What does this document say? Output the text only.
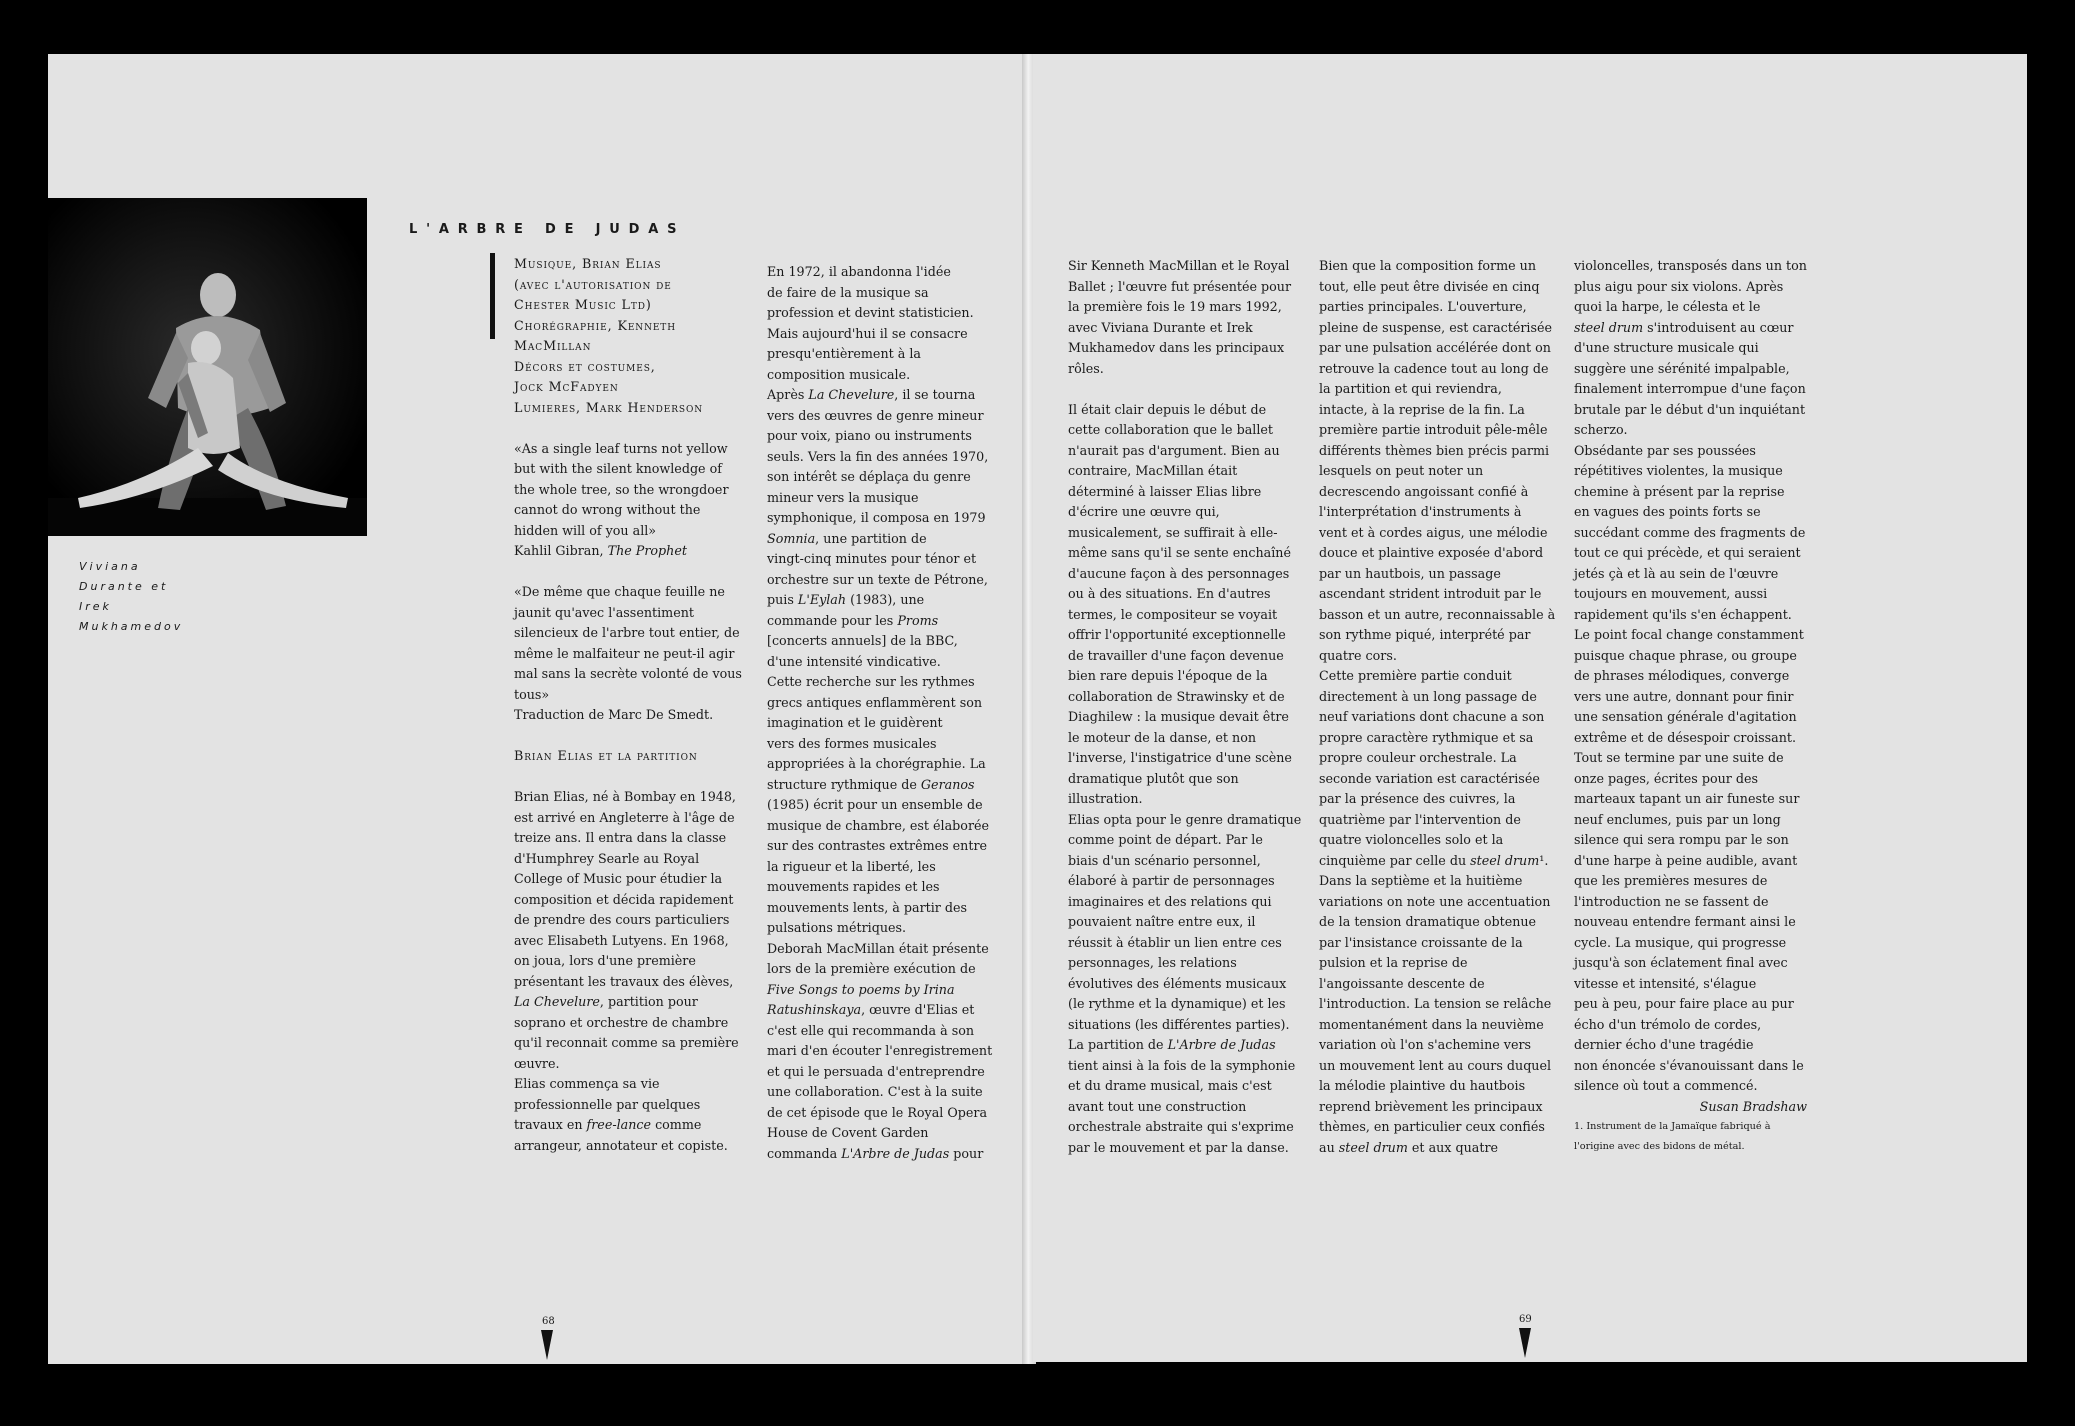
Viviana
Durante et
Irek
Mukhamedov
L'ARBRE DE JUDAS
Musique, Brian Elias
(avec l'autorisation de
Chester Music Ltd)
Chorégraphie, Kenneth
MacMillan
Décors et costumes,
Jock McFadyen
Lumieres, Mark Henderson
«As a single leaf turns not yellow
but with the silent knowledge of
the whole tree, so the wrongdoer
cannot do wrong without the
hidden will of you all»
Kahlil Gibran, The Prophet
«De même que chaque feuille ne
jaunit qu'avec l'assentiment
silencieux de l'arbre tout entier, de
même le malfaiteur ne peut-il agir
mal sans la secrète volonté de vous
tous»
Traduction de Marc De Smedt.
Brian Elias et la partition
Brian Elias, né à Bombay en 1948,
est arrivé en Angleterre à l'âge de
treize ans. Il entra dans la classe
d'Humphrey Searle au Royal
College of Music pour étudier la
composition et décida rapidement
de prendre des cours particuliers
avec Elisabeth Lutyens. En 1968,
on joua, lors d'une première
présentant les travaux des élèves,
La Chevelure, partition pour
soprano et orchestre de chambre
qu'il reconnait comme sa première
œuvre.
Elias commença sa vie
professionnelle par quelques
travaux en free-lance comme
arrangeur, annotateur et copiste.
En 1972, il abandonna l'idée
de faire de la musique sa
profession et devint statisticien.
Mais aujourd'hui il se consacre
presqu'entièrement à la
composition musicale.
Après La Chevelure, il se tourna
vers des œuvres de genre mineur
pour voix, piano ou instruments
seuls. Vers la fin des années 1970,
son intérêt se déplaça du genre
mineur vers la musique
symphonique, il composa en 1979
Somnia, une partition de
vingt-cinq minutes pour ténor et
orchestre sur un texte de Pétrone,
puis L'Eylah (1983), une
commande pour les Proms
[concerts annuels] de la BBC,
d'une intensité vindicative.
Cette recherche sur les rythmes
grecs antiques enflammèrent son
imagination et le guidèrent
vers des formes musicales
appropriées à la chorégraphie. La
structure rythmique de Geranos
(1985) écrit pour un ensemble de
musique de chambre, est élaborée
sur des contrastes extrêmes entre
la rigueur et la liberté, les
mouvements rapides et les
mouvements lents, à partir des
pulsations métriques.
Deborah MacMillan était présente
lors de la première exécution de
Five Songs to poems by Irina
Ratushinskaya, œuvre d'Elias et
c'est elle qui recommanda à son
mari d'en écouter l'enregistrement
et qui le persuada d'entreprendre
une collaboration. C'est à la suite
de cet épisode que le Royal Opera
House de Covent Garden
commanda L'Arbre de Judas pour
68
Sir Kenneth MacMillan et le Royal
Ballet ; l'œuvre fut présentée pour
la première fois le 19 mars 1992,
avec Viviana Durante et Irek
Mukhamedov dans les principaux
rôles.
Il était clair depuis le début de
cette collaboration que le ballet
n'aurait pas d'argument. Bien au
contraire, MacMillan était
déterminé à laisser Elias libre
d'écrire une œuvre qui,
musicalement, se suffirait à elle-
même sans qu'il se sente enchaîné
d'aucune façon à des personnages
ou à des situations. En d'autres
termes, le compositeur se voyait
offrir l'opportunité exceptionnelle
de travailler d'une façon devenue
bien rare depuis l'époque de la
collaboration de Strawinsky et de
Diaghilew : la musique devait être
le moteur de la danse, et non
l'inverse, l'instigatrice d'une scène
dramatique plutôt que son
illustration.
Elias opta pour le genre dramatique
comme point de départ. Par le
biais d'un scénario personnel,
élaboré à partir de personnages
imaginaires et des relations qui
pouvaient naître entre eux, il
réussit à établir un lien entre ces
personnages, les relations
évolutives des éléments musicaux
(le rythme et la dynamique) et les
situations (les différentes parties).
La partition de L'Arbre de Judas
tient ainsi à la fois de la symphonie
et du drame musical, mais c'est
avant tout une construction
orchestrale abstraite qui s'exprime
par le mouvement et par la danse.
Bien que la composition forme un
tout, elle peut être divisée en cinq
parties principales. L'ouverture,
pleine de suspense, est caractérisée
par une pulsation accélérée dont on
retrouve la cadence tout au long de
la partition et qui reviendra,
intacte, à la reprise de la fin. La
première partie introduit pêle-mêle
différents thèmes bien précis parmi
lesquels on peut noter un
decrescendo angoissant confié à
l'interprétation d'instruments à
vent et à cordes aigus, une mélodie
douce et plaintive exposée d'abord
par un hautbois, un passage
ascendant strident introduit par le
basson et un autre, reconnaissable à
son rythme piqué, interprété par
quatre cors.
Cette première partie conduit
directement à un long passage de
neuf variations dont chacune a son
propre caractère rythmique et sa
propre couleur orchestrale. La
seconde variation est caractérisée
par la présence des cuivres, la
quatrième par l'intervention de
quatre violoncelles solo et la
cinquième par celle du steel drum¹.
Dans la septième et la huitième
variations on note une accentuation
de la tension dramatique obtenue
par l'insistance croissante de la
pulsion et la reprise de
l'angoissante descente de
l'introduction. La tension se relâche
momentanément dans la neuvième
variation où l'on s'achemine vers
un mouvement lent au cours duquel
la mélodie plaintive du hautbois
reprend brièvement les principaux
thèmes, en particulier ceux confiés
au steel drum et aux quatre
violoncelles, transposés dans un ton
plus aigu pour six violons. Après
quoi la harpe, le célesta et le
steel drum s'introduisent au cœur
d'une structure musicale qui
suggère une sérénité impalpable,
finalement interrompue d'une façon
brutale par le début d'un inquiétant
scherzo.
Obsédante par ses poussées
répétitives violentes, la musique
chemine à présent par la reprise
en vagues des points forts se
succédant comme des fragments de
tout ce qui précède, et qui seraient
jetés çà et là au sein de l'œuvre
toujours en mouvement, aussi
rapidement qu'ils s'en échappent.
Le point focal change constamment
puisque chaque phrase, ou groupe
de phrases mélodiques, converge
vers une autre, donnant pour finir
une sensation générale d'agitation
extrême et de désespoir croissant.
Tout se termine par une suite de
onze pages, écrites pour des
marteaux tapant un air funeste sur
neuf enclumes, puis par un long
silence qui sera rompu par le son
d'une harpe à peine audible, avant
que les premières mesures de
l'introduction ne se fassent de
nouveau entendre fermant ainsi le
cycle. La musique, qui progresse
jusqu'à son éclatement final avec
vitesse et intensité, s'élague
peu à peu, pour faire place au pur
écho d'un trémolo de cordes,
dernier écho d'une tragédie
non énoncée s'évanouissant dans le
silence où tout a commencé.
Susan Bradshaw
1. Instrument de la Jamaïque fabriqué à
l'origine avec des bidons de métal.
69
